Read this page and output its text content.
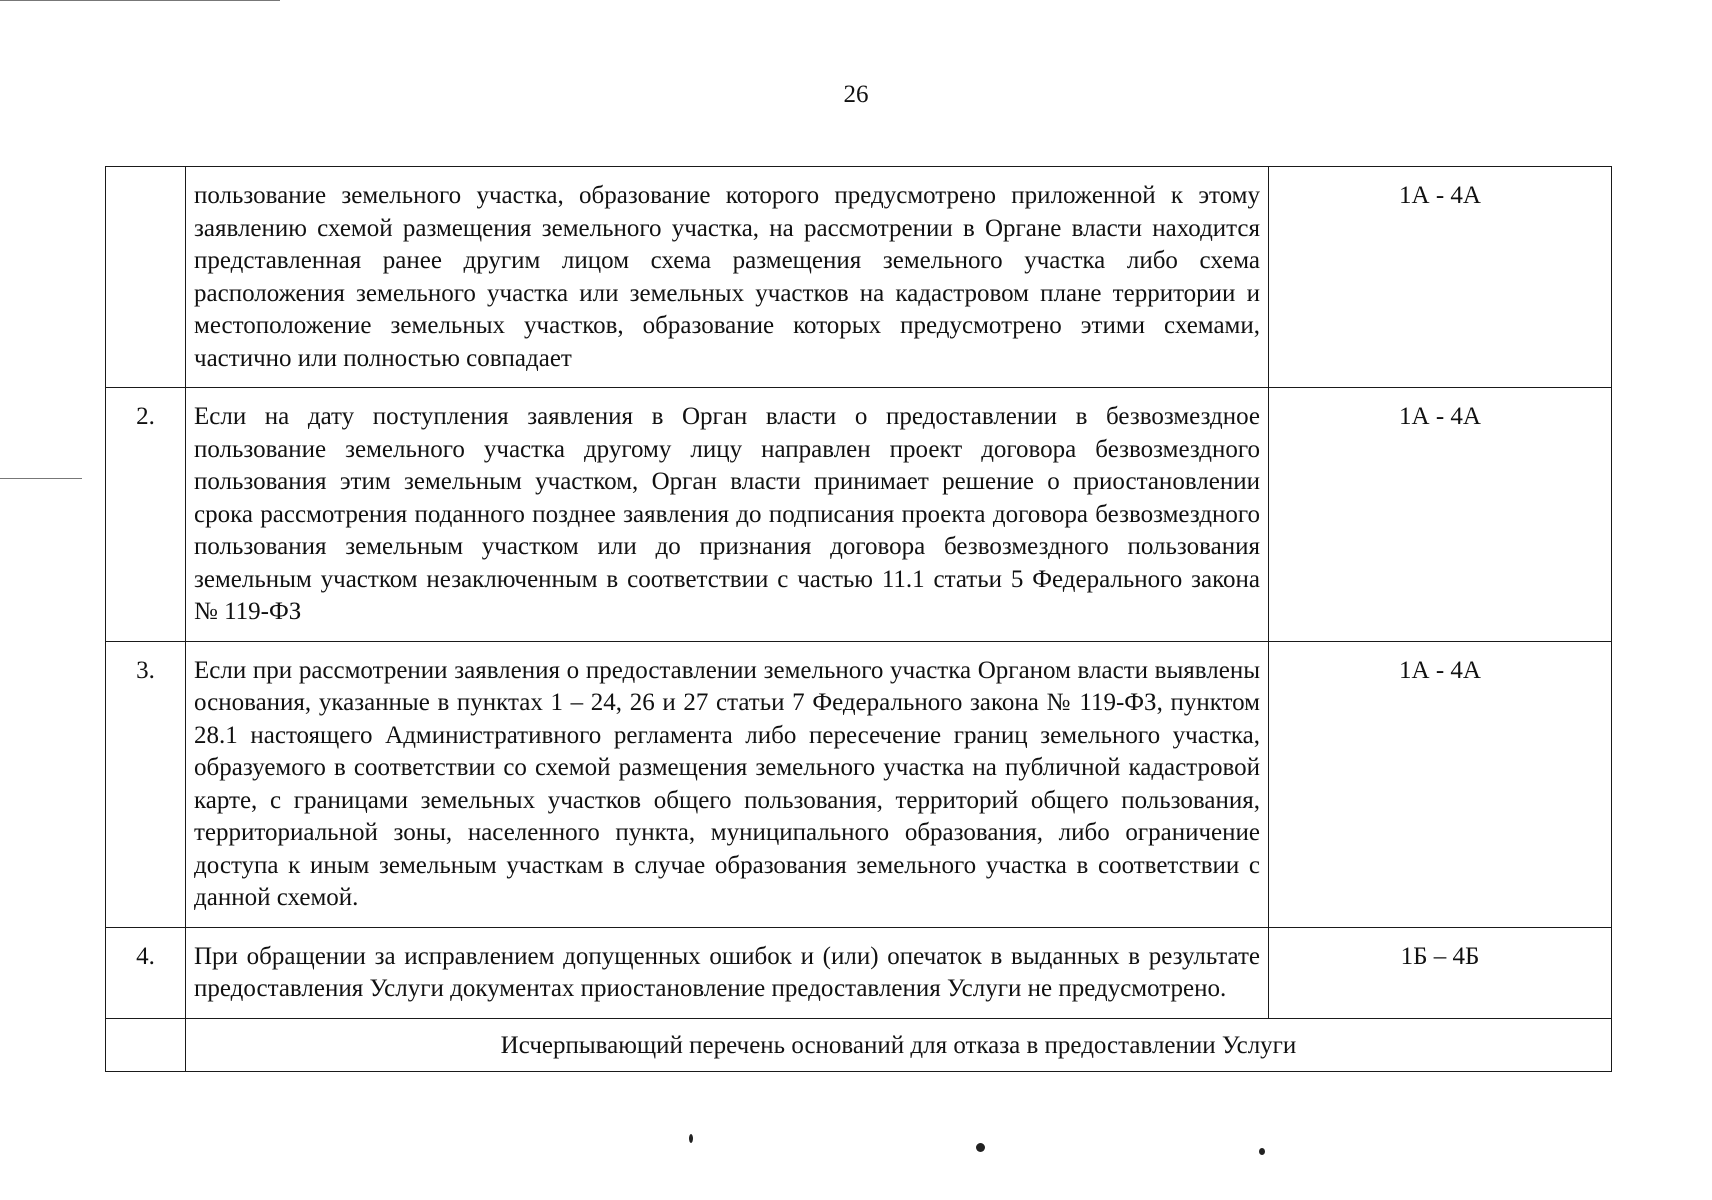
26
	пользование земельного участка, образование которого предусмотрено приложенной к этому заявлению схемой размещения земельного участка, на рассмотрении в Органе власти находится представленная ранее другим лицом схема размещения земельного участка либо схема расположения земельного участка или земельных участков на кадастровом плане территории и местоположение земельных участков, образование которых предусмотрено этими схемами, частично или полностью совпадает	1А - 4А
2.	Если на дату поступления заявления в Орган власти о предоставлении в безвозмездное пользование земельного участка другому лицу направлен проект договора безвозмездного пользования этим земельным участком, Орган власти принимает решение о приостановлении срока рассмотрения поданного позднее заявления до подписания проекта договора безвозмездного пользования земельным участком или до признания договора безвозмездного пользования земельным участком незаключенным в соответствии с частью 11.1 статьи 5 Федерального закона № 119-ФЗ	1А - 4А
3.	Если при рассмотрении заявления о предоставлении земельного участка Органом власти выявлены основания, указанные в пунктах 1 – 24, 26 и 27 статьи 7 Федерального закона № 119-ФЗ, пунктом 28.1 настоящего Административного регламента либо пересечение границ земельного участка, образуемого в соответствии со схемой размещения земельного участка на публичной кадастровой карте, с границами земельных участков общего пользования, территорий общего пользования, территориальной зоны, населенного пункта, муниципального образования, либо ограничение доступа к иным земельным участкам в случае образования земельного участка в соответствии с данной схемой.	1А - 4А
4.	При обращении за исправлением допущенных ошибок и (или) опечаток в выданных в результате предоставления Услуги документах приостановление предоставления Услуги не предусмотрено.	1Б – 4Б
	Исчерпывающий перечень оснований для отказа в предоставлении Услуги	
